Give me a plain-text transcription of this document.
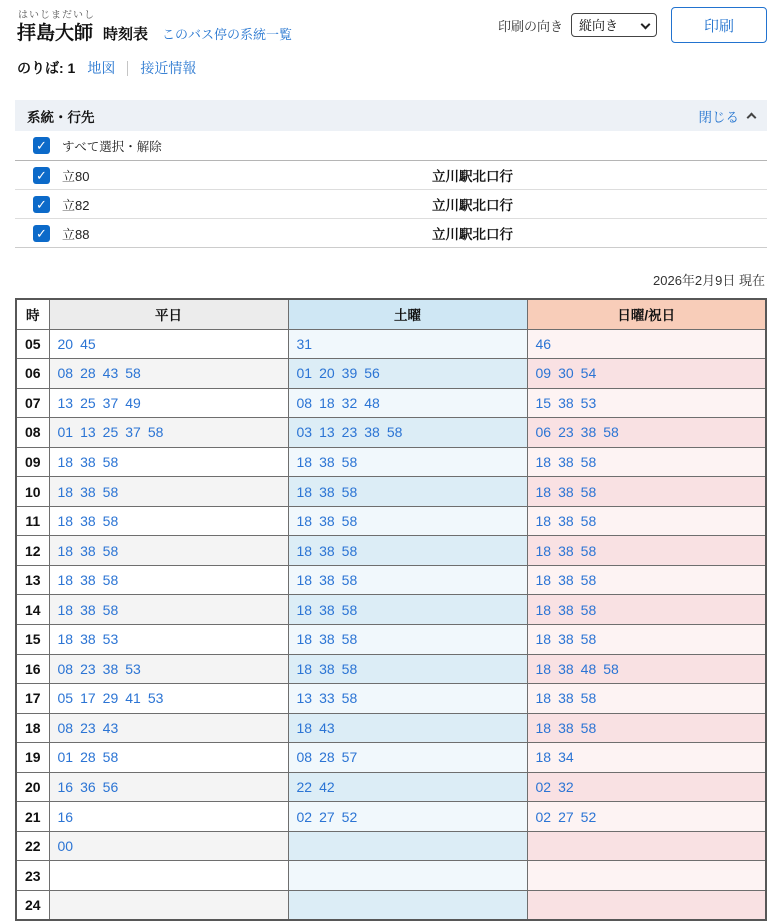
はいじまだいし
拝島大師 時刻表 このバス停の系統一覧
のりば: 1 地図 接近情報
印刷の向き
縦向き	印刷
系統・行先	閉じる
✓ すべて選択・解除
✓ 立80	立川駅北口行
✓ 立82	立川駅北口行
✓ 立88	立川駅北口行
2026年2月9日 現在
時	平日	土曜	日曜/祝日
05	20 45	31	46
06	08 28 43 58	01 20 39 56	09 30 54
07	13 25 37 49	08 18 32 48	15 38 53
08	01 13 25 37 58	03 13 23 38 58	06 23 38 58
09	18 38 58	18 38 58	18 38 58
10	18 38 58	18 38 58	18 38 58
11	18 38 58	18 38 58	18 38 58
12	18 38 58	18 38 58	18 38 58
13	18 38 58	18 38 58	18 38 58
14	18 38 58	18 38 58	18 38 58
15	18 38 53	18 38 58	18 38 58
16	08 23 38 53	18 38 58	18 38 48 58
17	05 17 29 41 53	13 33 58	18 38 58
18	08 23 43	18 43	18 38 58
19	01 28 58	08 28 57	18 34
20	16 36 56	22 42	02 32
21	16	02 27 52	02 27 52
22	00		
23			
24			
